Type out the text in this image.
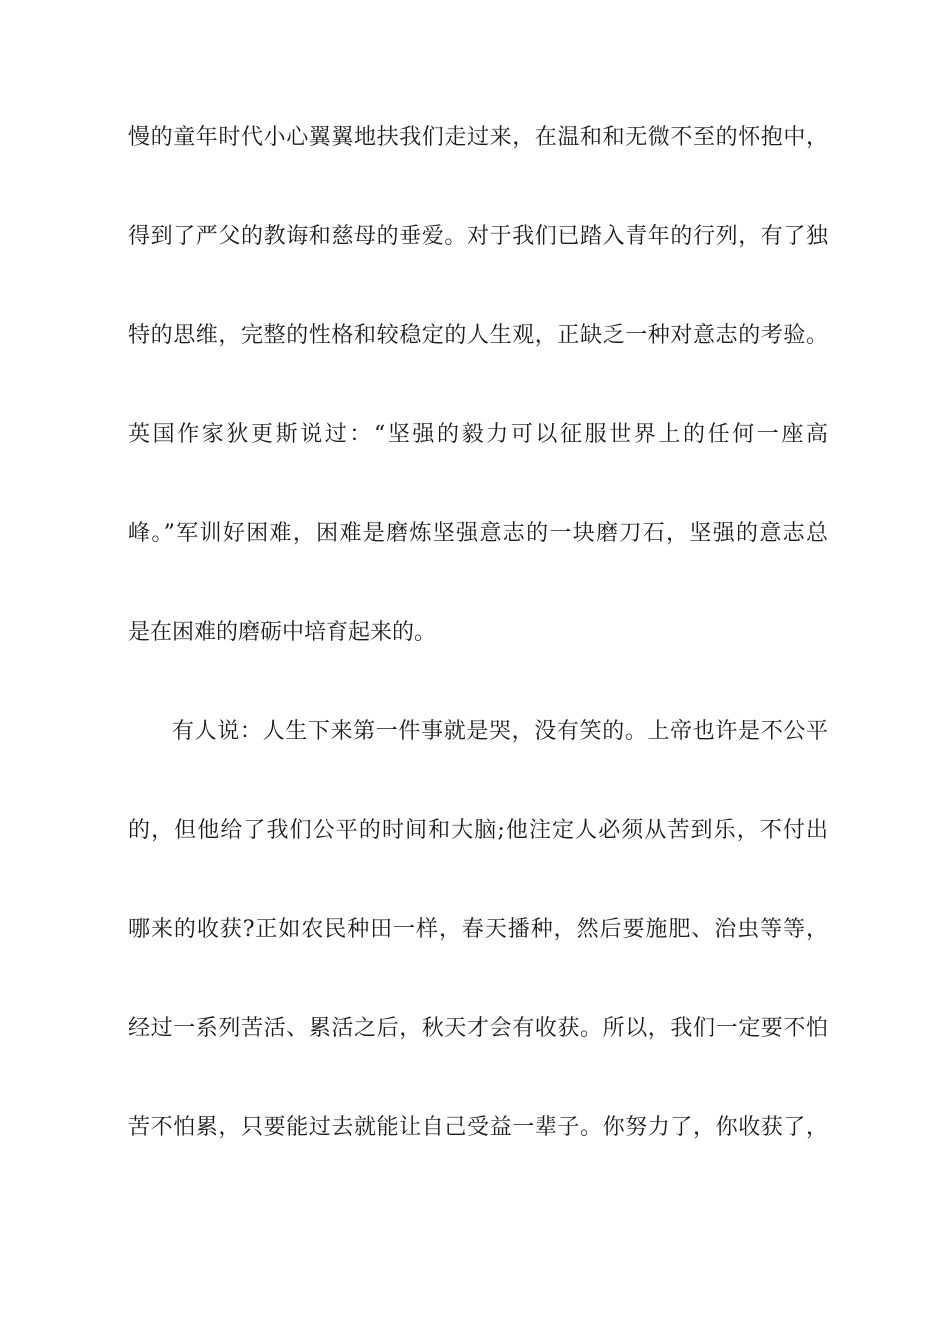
慢的童年时代小心翼翼地扶我们走过来，在温和和无微不至的怀抱中，
得到了严父的教诲和慈母的垂爱。对于我们已踏入青年的行列，有了独
特的思维，完整的性格和较稳定的人生观，正缺乏一种对意志的考验。
英国作家狄更斯说过：“坚强的毅力可以征服世界上的任何一座高
峰。”军训好困难，困难是磨炼坚强意志的一块磨刀石，坚强的意志总
是在困难的磨砺中培育起来的。
有人说：人生下来第一件事就是哭，没有笑的。上帝也许是不公平
的，但他给了我们公平的时间和大脑;他注定人必须从苦到乐，不付出
哪来的收获?正如农民种田一样，春天播种，然后要施肥、治虫等等，
经过一系列苦活、累活之后，秋天才会有收获。所以，我们一定要不怕
苦不怕累，只要能过去就能让自己受益一辈子。你努力了，你收获了，
